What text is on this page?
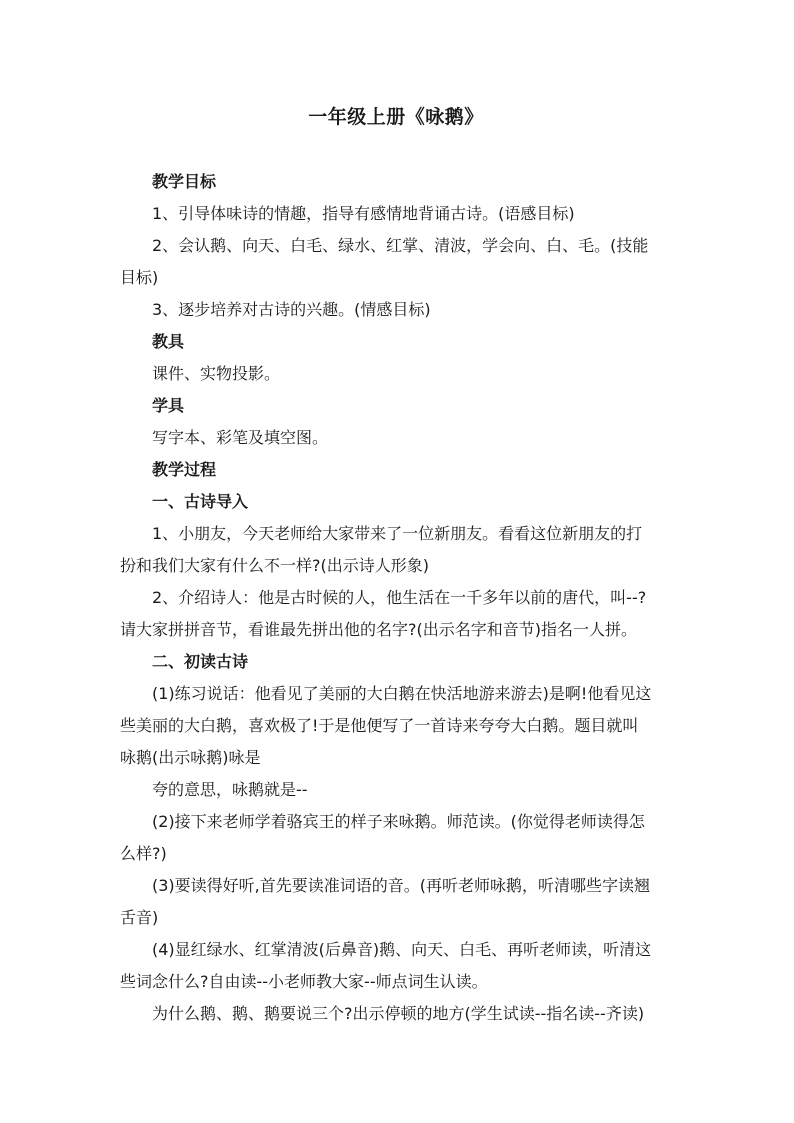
一年级上册《咏鹅》

教学目标

1、引导体味诗的情趣，指导有感情地背诵古诗。(语感目标)

2、会认鹅、向天、白毛、绿水、红掌、清波，学会向、白、毛。(技能

目标)

3、逐步培养对古诗的兴趣。(情感目标)

教具

课件、实物投影。

学具

写字本、彩笔及填空图。

教学过程

一、古诗导入

1、小朋友，今天老师给大家带来了一位新朋友。看看这位新朋友的打

扮和我们大家有什么不一样?(出示诗人形象)

2、介绍诗人：他是古时候的人，他生活在一千多年以前的唐代，叫--?

请大家拼拼音节，看谁最先拼出他的名字?(出示名字和音节)指名一人拼。

二、初读古诗

(1)练习说话：他看见了美丽的大白鹅在快活地游来游去)是啊!他看见这

些美丽的大白鹅，喜欢极了!于是他便写了一首诗来夸夸大白鹅。题目就叫

咏鹅(出示咏鹅)咏是

夸的意思，咏鹅就是--

(2)接下来老师学着骆宾王的样子来咏鹅。师范读。(你觉得老师读得怎

么样?)

(3)要读得好听,首先要读准词语的音。(再听老师咏鹅，听清哪些字读翘

舌音)

(4)显红绿水、红掌清波(后鼻音)鹅、向天、白毛、再听老师读，听清这

些词念什么?自由读--小老师教大家--师点词生认读。

为什么鹅、鹅、鹅要说三个?出示停顿的地方(学生试读--指名读--齐读)
